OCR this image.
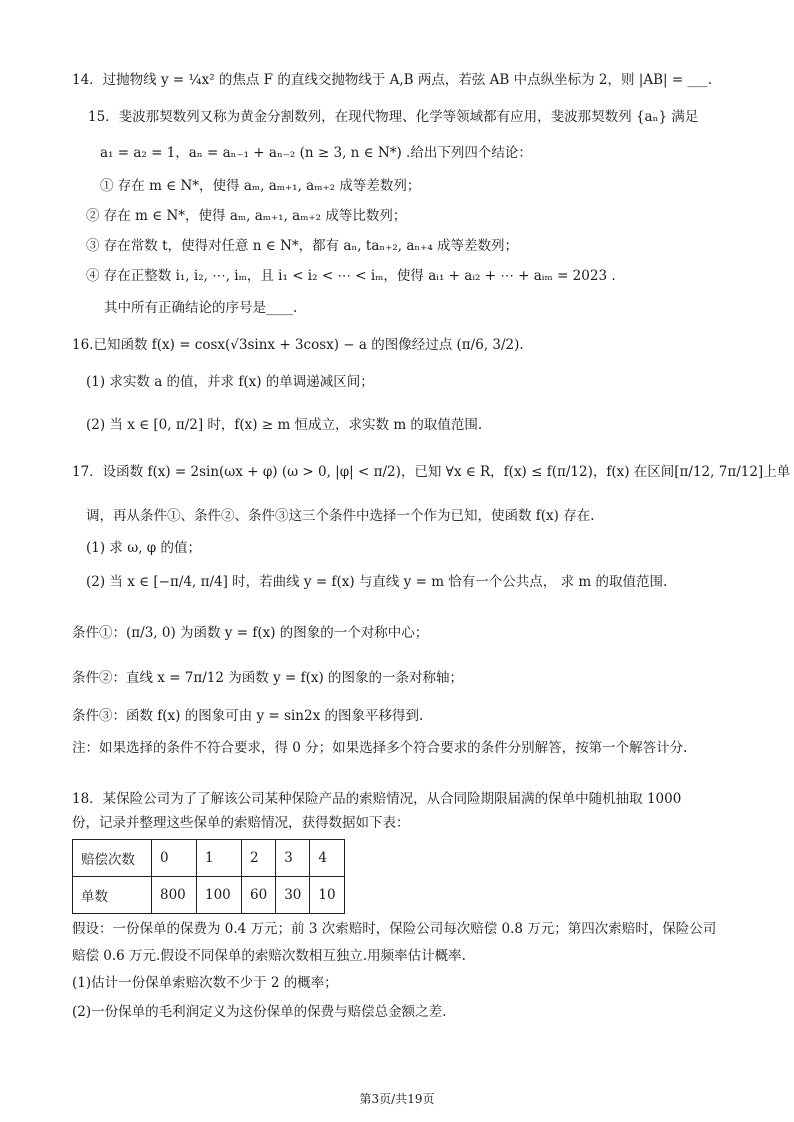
14．过抛物线 y = ¼x² 的焦点 F 的直线交抛物线于 A,B 两点，若弦 AB 中点纵坐标为 2，则 |AB| = ___.
15．斐波那契数列又称为黄金分割数列，在现代物理、化学等领域都有应用，斐波那契数列 {aₙ} 满足
a₁ = a₂ = 1，aₙ = aₙ₋₁ + aₙ₋₂ (n ≥ 3, n ∈ N*) .给出下列四个结论：
① 存在 m ∈ N*，使得 aₘ, aₘ₊₁, aₘ₊₂ 成等差数列；
② 存在 m ∈ N*，使得 aₘ, aₘ₊₁, aₘ₊₂ 成等比数列；
③ 存在常数 t，使得对任意 n ∈ N*，都有 aₙ, taₙ₊₂, aₙ₊₄ 成等差数列；
④ 存在正整数 i₁, i₂, ⋯, iₘ，且 i₁ < i₂ < ⋯ < iₘ，使得 aᵢ₁ + aᵢ₂ + ⋯ + aᵢₘ = 2023 .
其中所有正确结论的序号是____.
16.已知函数 f(x) = cosx(√3sinx + 3cosx) − a 的图像经过点 (π/6, 3/2).
(1) 求实数 a 的值，并求 f(x) 的单调递减区间；
(2) 当 x ∈ [0, π/2] 时，f(x) ≥ m 恒成立，求实数 m 的取值范围.
17．设函数 f(x) = 2sin(ωx + φ) (ω > 0, |φ| < π/2)，已知 ∀x ∈ R，f(x) ≤ f(π/12)，f(x) 在区间[π/12, 7π/12]上单
调，再从条件①、条件②、条件③这三个条件中选择一个作为已知，使函数 f(x) 存在.
(1) 求 ω, φ 的值；
(2) 当 x ∈ [−π/4, π/4] 时，若曲线 y = f(x) 与直线 y = m 恰有一个公共点， 求 m 的取值范围.
条件①：(π/3, 0) 为函数 y = f(x) 的图象的一个对称中心；
条件②：直线 x = 7π/12 为函数 y = f(x) 的图象的一条对称轴；
条件③：函数 f(x) 的图象可由 y = sin2x 的图象平移得到.
注：如果选择的条件不符合要求，得 0 分；如果选择多个符合要求的条件分别解答，按第一个解答计分.
18．某保险公司为了了解该公司某种保险产品的索赔情况，从合同险期限届满的保单中随机抽取 1000
份，记录并整理这些保单的索赔情况，获得数据如下表：
赔偿次数	0	1	2	3	4
单数	800	100	60	30	10
假设：一份保单的保费为 0.4 万元；前 3 次索赔时，保险公司每次赔偿 0.8 万元；第四次索赔时，保险公司
赔偿 0.6 万元.假设不同保单的索赔次数相互独立.用频率估计概率.
(1)估计一份保单索赔次数不少于 2 的概率；
(2)一份保单的毛利润定义为这份保单的保费与赔偿总金额之差.
第3页/共19页
